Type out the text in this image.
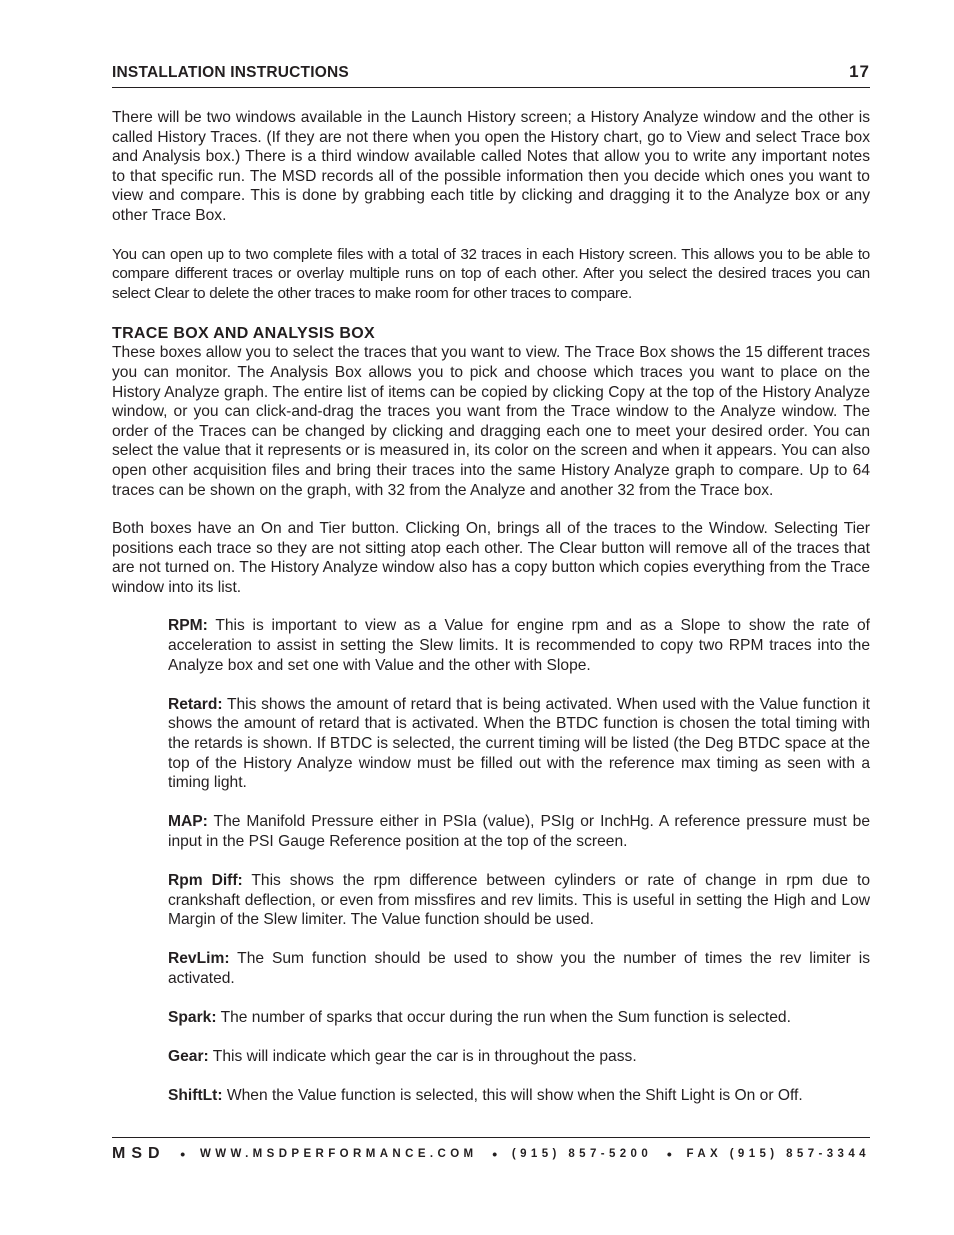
INSTALLATION INSTRUCTIONS	17

There will be two windows available in the Launch History screen; a History Analyze window and the other is called History Traces. (If they are not there when you open the History chart, go to View and select Trace box and Analysis box.) There is a third window available called Notes that allow you to write any important notes to that specific run. The MSD records all of the possible information then you decide which ones you want to view and compare. This is done by grabbing each title by clicking and dragging it to the Analyze box or any other Trace Box.

You can open up to two complete files with a total of 32 traces in each History screen. This allows you to be able to compare different traces or overlay multiple runs on top of each other. After you select the desired traces you can select Clear to delete the other traces to make room for other traces to compare.

TRACE BOX AND ANALYSIS BOX

These boxes allow you to select the traces that you want to view. The Trace Box shows the 15 different traces you can monitor. The Analysis Box allows you to pick and choose which traces you want to place on the History Analyze graph. The entire list of items can be copied by clicking Copy at the top of the History Analyze window, or you can click-and-drag the traces you want from the Trace window to the Analyze window. The order of the Traces can be changed by clicking and dragging each one to meet your desired order. You can select the value that it represents or is measured in, its color on the screen and when it appears. You can also open other acquisition files and bring their traces into the same History Analyze graph to compare. Up to 64 traces can be shown on the graph, with 32 from the Analyze and another 32 from the Trace box.

Both boxes have an On and Tier button. Clicking On, brings all of the traces to the Window. Selecting Tier positions each trace so they are not sitting atop each other. The Clear button will remove all of the traces that are not turned on. The History Analyze window also has a copy button which copies everything from the Trace window into its list.

RPM: This is important to view as a Value for engine rpm and as a Slope to show the rate of acceleration to assist in setting the Slew limits. It is recommended to copy two RPM traces into the Analyze box and set one with Value and the other with Slope.

Retard: This shows the amount of retard that is being activated. When used with the Value function it shows the amount of retard that is activated. When the BTDC function is chosen the total timing with the retards is shown. If BTDC is selected, the current timing will be listed (the Deg BTDC space at the top of the History Analyze window must be filled out with the reference max timing as seen with a timing light.

MAP: The Manifold Pressure either in PSIa (value), PSIg or InchHg. A reference pressure must be input in the PSI Gauge Reference position at the top of the screen.

Rpm Diff: This shows the rpm difference between cylinders or rate of change in rpm due to crankshaft deflection, or even from missfires and rev limits. This is useful in setting the High and Low Margin of the Slew limiter. The Value function should be used.

RevLim: The Sum function should be used to show you the number of times the rev limiter is activated.

Spark: The number of sparks that occur during the run when the Sum function is selected.

Gear: This will indicate which gear the car is in throughout the pass.

ShiftLt: When the Value function is selected, this will show when the Shift Light is On or Off.

MSD • WWW.MSDPERFORMANCE.COM • (915) 857-5200 • FAX (915) 857-3344
